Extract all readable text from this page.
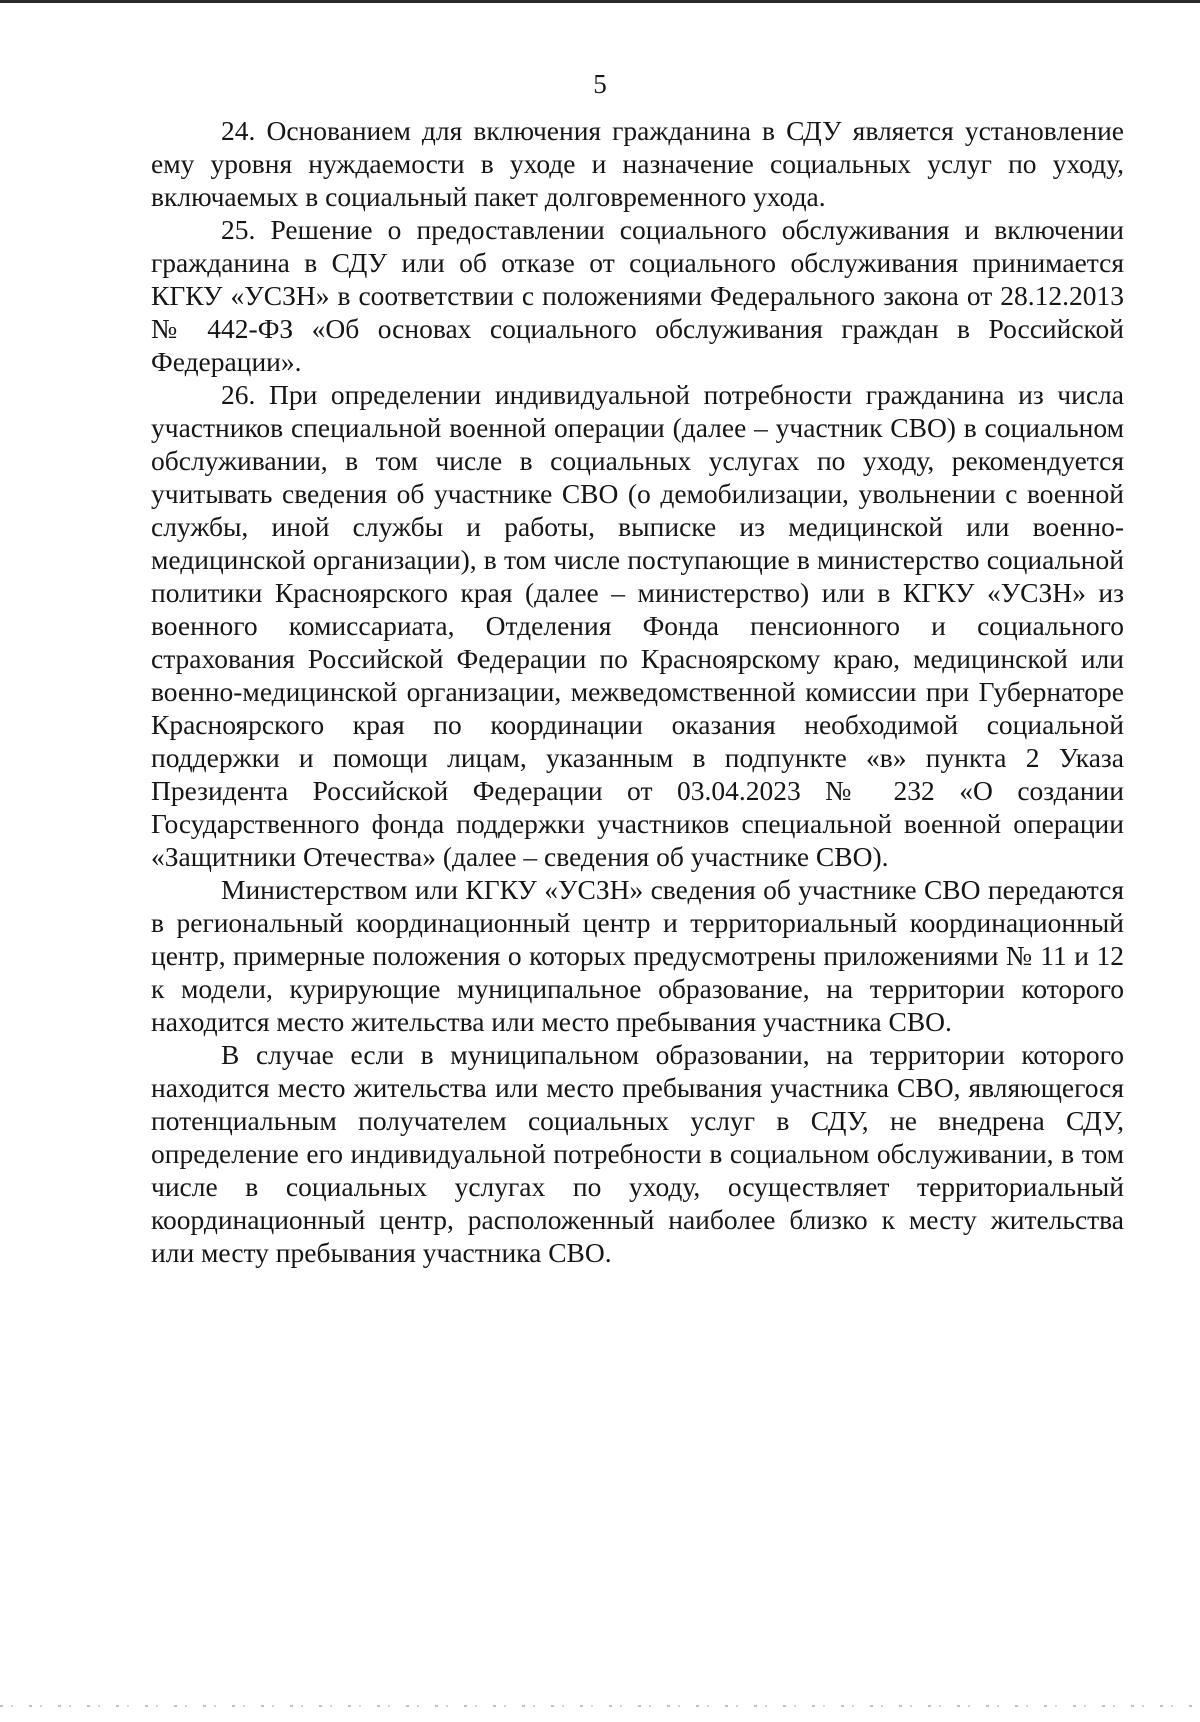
5

24. Основанием для включения гражданина в СДУ является установление ему уровня нуждаемости в уходе и назначение социальных услуг по уходу, включаемых в социальный пакет долговременного ухода.

25. Решение о предоставлении социального обслуживания и включении гражданина в СДУ или об отказе от социального обслуживания принимается КГКУ «УСЗН» в соответствии с положениями Федерального закона от 28.12.2013 № 442-ФЗ «Об основах социального обслуживания граждан в Российской Федерации».

26. При определении индивидуальной потребности гражданина из числа участников специальной военной операции (далее – участник СВО) в социальном обслуживании, в том числе в социальных услугах по уходу, рекомендуется учитывать сведения об участнике СВО (о демобилизации, увольнении с военной службы, иной службы и работы, выписке из медицинской или военно-медицинской организации), в том числе поступающие в министерство социальной политики Красноярского края (далее – министерство) или в КГКУ «УСЗН» из военного комиссариата, Отделения Фонда пенсионного и социального страхования Российской Федерации по Красноярскому краю, медицинской или военно-медицинской организации, межведомственной комиссии при Губернаторе Красноярского края по координации оказания необходимой социальной поддержки и помощи лицам, указанным в подпункте «в» пункта 2 Указа Президента Российской Федерации от 03.04.2023 № 232 «О создании Государственного фонда поддержки участников специальной военной операции «Защитники Отечества» (далее – сведения об участнике СВО).

Министерством или КГКУ «УСЗН» сведения об участнике СВО передаются в региональный координационный центр и территориальный координационный центр, примерные положения о которых предусмотрены приложениями № 11 и 12 к модели, курирующие муниципальное образование, на территории которого находится место жительства или место пребывания участника СВО.

В случае если в муниципальном образовании, на территории которого находится место жительства или место пребывания участника СВО, являющегося потенциальным получателем социальных услуг в СДУ, не внедрена СДУ, определение его индивидуальной потребности в социальном обслуживании, в том числе в социальных услугах по уходу, осуществляет территориальный координационный центр, расположенный наиболее близко к месту жительства или месту пребывания участника СВО.
